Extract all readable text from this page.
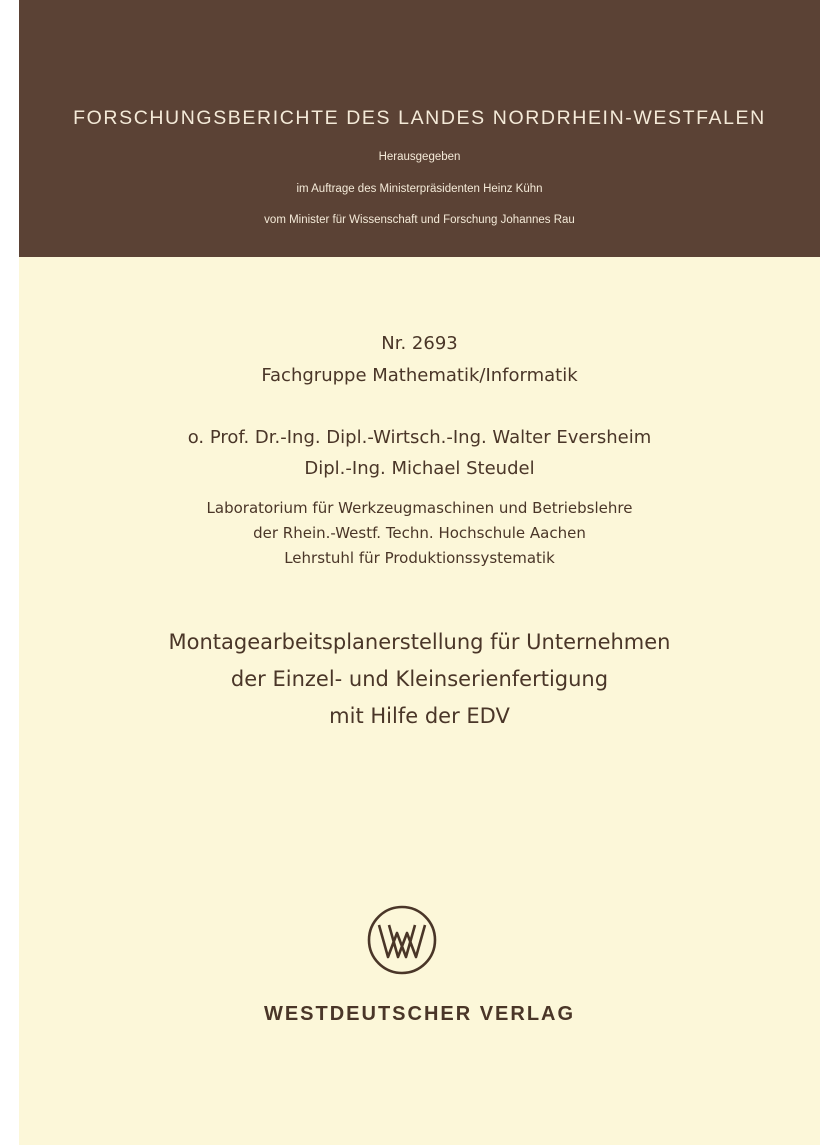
FORSCHUNGSBERICHTE DES LANDES NORDRHEIN-WESTFALEN
Herausgegeben
im Auftrage des Ministerpräsidenten Heinz Kühn
vom Minister für Wissenschaft und Forschung Johannes Rau
Nr. 2693
Fachgruppe Mathematik/Informatik
o. Prof. Dr.-Ing. Dipl.-Wirtsch.-Ing. Walter Eversheim
Dipl.-Ing. Michael Steudel
Laboratorium für Werkzeugmaschinen und Betriebslehre
der Rhein.-Westf. Techn. Hochschule Aachen
Lehrstuhl für Produktionssystematik
Montagearbeitsplanerstellung für Unternehmen
der Einzel- und Kleinserienfertigung
mit Hilfe der EDV
WESTDEUTSCHER VERLAG
